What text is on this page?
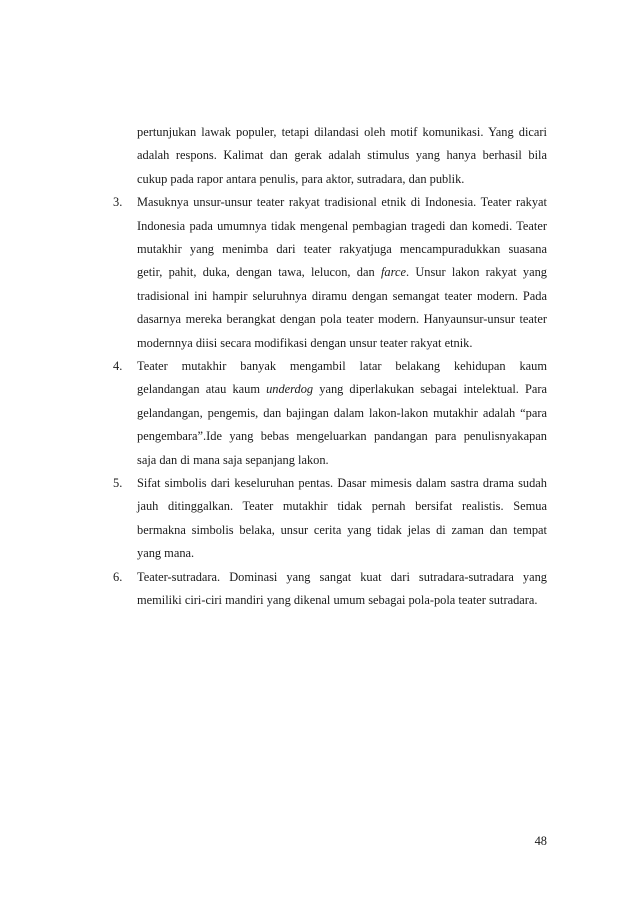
pertunjukan lawak populer, tetapi dilandasi oleh motif komunikasi. Yang dicari
adalah respons. Kalimat dan gerak adalah stimulus yang hanya berhasil bila
cukup pada rapor antara penulis, para aktor, sutradara, dan publik.
3. Masuknya unsur-unsur teater rakyat tradisional etnik di Indonesia. Teater rakyat
Indonesia pada umumnya tidak mengenal pembagian tragedi dan komedi. Teater
mutakhir yang menimba dari teater rakyatjuga mencampuradukkan suasana
getir, pahit, duka, dengan tawa, lelucon, dan farce. Unsur lakon rakyat yang
tradisional ini hampir seluruhnya diramu dengan semangat teater modern. Pada
dasarnya mereka berangkat dengan pola teater modern. Hanyaunsur-unsur teater
modernnya diisi secara modifikasi dengan unsur teater rakyat etnik.
4. Teater mutakhir banyak mengambil latar belakang kehidupan kaum
gelandangan atau kaum underdog yang diperlakukan sebagai intelektual. Para
gelandangan, pengemis, dan bajingan dalam lakon-lakon mutakhir adalah “para
pengembara”.Ide yang bebas mengeluarkan pandangan para penulisnyakapan
saja dan di mana saja sepanjang lakon.
5. Sifat simbolis dari keseluruhan pentas. Dasar mimesis dalam sastra drama sudah
jauh ditinggalkan. Teater mutakhir tidak pernah bersifat realistis. Semua
bermakna simbolis belaka, unsur cerita yang tidak jelas di zaman dan tempat
yang mana.
6. Teater-sutradara. Dominasi yang sangat kuat dari sutradara-sutradara yang
memiliki ciri-ciri mandiri yang dikenal umum sebagai pola-pola teater sutradara.
48
